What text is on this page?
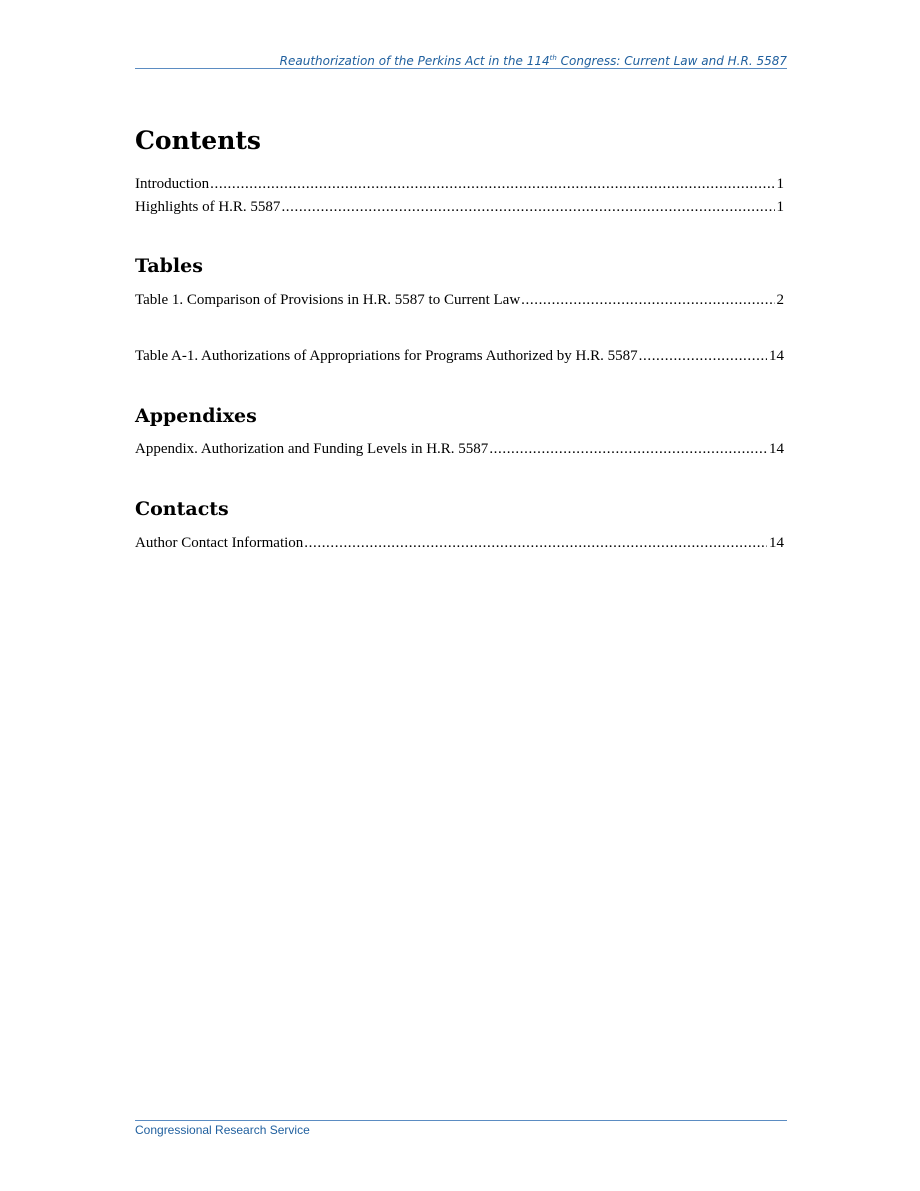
Reauthorization of the Perkins Act in the 114th Congress: Current Law and H.R. 5587
Contents
Introduction .....	1
Highlights of H.R. 5587 .....	1
Tables
Table 1. Comparison of Provisions in H.R. 5587 to Current Law .....	2
Table A-1. Authorizations of Appropriations for Programs Authorized by H.R. 5587 .....	14
Appendixes
Appendix. Authorization and Funding Levels in H.R. 5587 .....	14
Contacts
Author Contact Information .....	14
Congressional Research Service
